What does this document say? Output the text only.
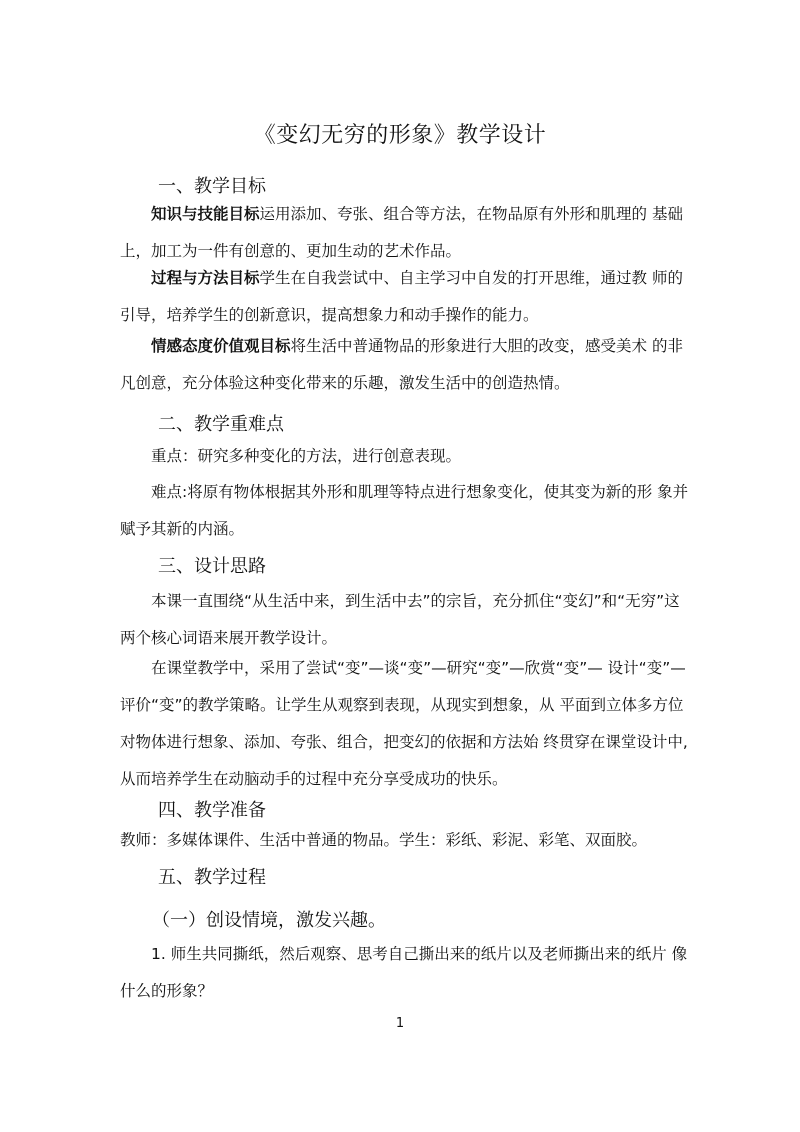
《变幻无穷的形象》教学设计
一、教学目标
知识与技能目标运用添加、夸张、组合等方法，在物品原有外形和肌理的 基础上，加工为一件有创意的、更加生动的艺术作品。
过程与方法目标学生在自我尝试中、自主学习中自发的打开思维，通过教 师的引导，培养学生的创新意识，提高想象力和动手操作的能力。
情感态度价值观目标将生活中普通物品的形象进行大胆的改变，感受美术 的非凡创意，充分体验这种变化带来的乐趣，激发生活中的创造热情。
二、教学重难点
重点：研究多种变化的方法，进行创意表现。
难点:将原有物体根据其外形和肌理等特点进行想象变化，使其变为新的形 象并赋予其新的内涵。
三、设计思路
本课一直围绕“从生活中来，到生活中去”的宗旨，充分抓住“变幻”和“无穷”这两个核心词语来展开教学设计。
在课堂教学中，采用了尝试“变”—谈“变”—研究“变”—欣赏“变”— 设计“变”—评价“变”的教学策略。让学生从观察到表现，从现实到想象，从 平面到立体多方位对物体进行想象、添加、夸张、组合，把变幻的依据和方法始 终贯穿在课堂设计中,从而培养学生在动脑动手的过程中充分享受成功的快乐。
四、教学准备
教师：多媒体课件、生活中普通的物品。学生：彩纸、彩泥、彩笔、双面胶。
五、教学过程
（一）创设情境，激发兴趣。
1. 师生共同撕纸，然后观察、思考自己撕出来的纸片以及老师撕出来的纸片 像什么的形象？
1
